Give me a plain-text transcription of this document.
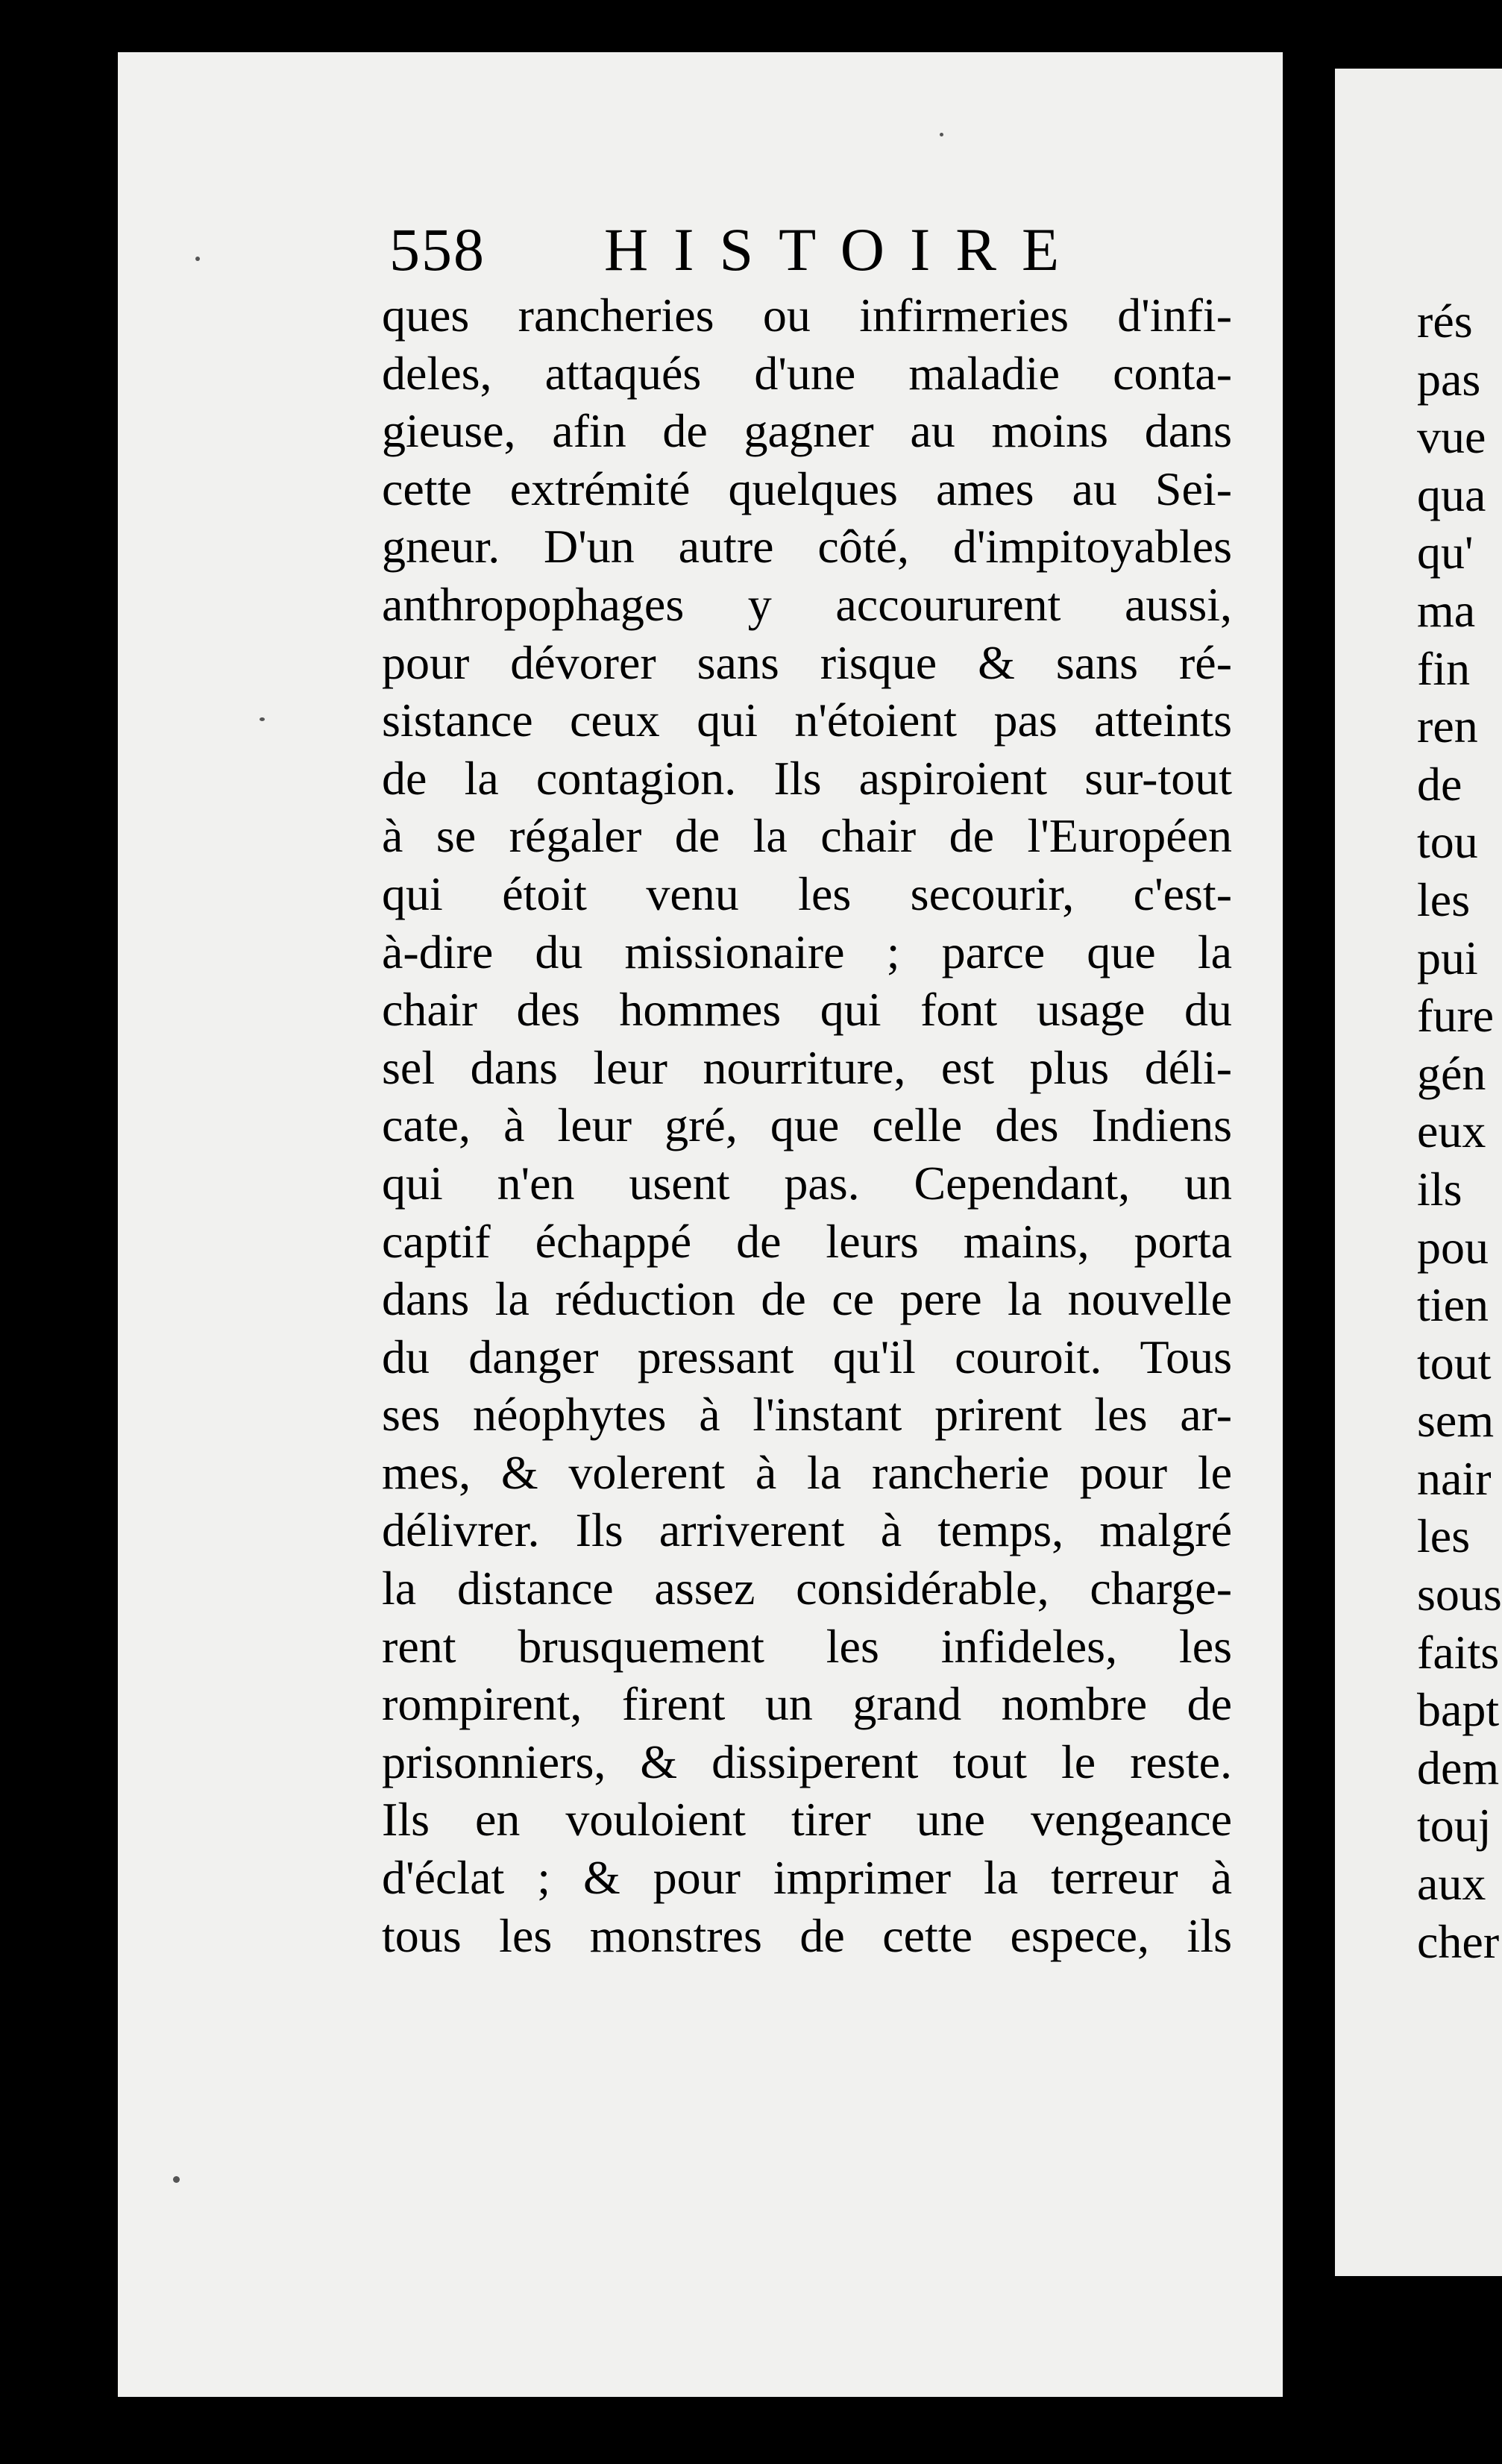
558 HISTOIRE
ques rancheries ou infirmeries d'infi-
deles, attaqués d'une maladie conta-
gieuse, afin de gagner au moins dans
cette extrémité quelques ames au Sei-
gneur. D'un autre côté, d'impitoyables
anthropophages y accoururent aussi,
pour dévorer sans risque & sans ré-
sistance ceux qui n'étoient pas atteints
de la contagion. Ils aspiroient sur-tout
à se régaler de la chair de l'Européen
qui étoit venu les secourir, c'est-
à-dire du missionaire ; parce que la
chair des hommes qui font usage du
sel dans leur nourriture, est plus déli-
cate, à leur gré, que celle des Indiens
qui n'en usent pas. Cependant, un
captif échappé de leurs mains, porta
dans la réduction de ce pere la nouvelle
du danger pressant qu'il couroit. Tous
ses néophytes à l'instant prirent les ar-
mes, & volerent à la rancherie pour le
délivrer. Ils arriverent à temps, malgré
la distance assez considérable, charge-
rent brusquement les infideles, les
rompirent, firent un grand nombre de
prisonniers, & dissiperent tout le reste.
Ils en vouloient tirer une vengeance
d'éclat ; & pour imprimer la terreur à
tous les monstres de cette espece, ils
rés
pas
vue
qua
qu'
ma
fin
ren
de
tou
les
pui
fure
gén
eux
ils
pou
tien
tout
sem
nair
les
sous
faits
bapt
dem
touj
aux
cher
